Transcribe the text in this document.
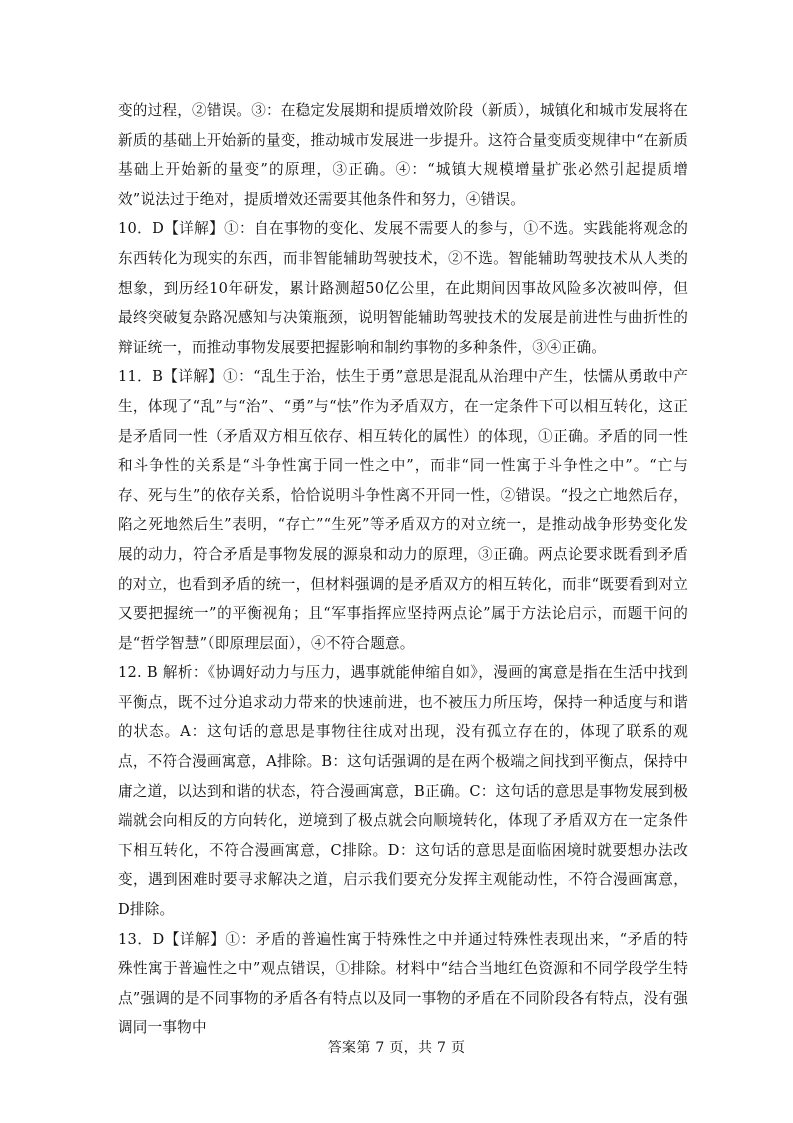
变的过程，②错误。③：在稳定发展期和提质增效阶段（新质），城镇化和城市发展将在新质的基础上开始新的量变，推动城市发展进一步提升。这符合量变质变规律中“在新质基础上开始新的量变”的原理，③正确。④：“城镇大规模增量扩张必然引起提质增效”说法过于绝对，提质增效还需要其他条件和努力，④错误。

10．D【详解】①：自在事物的变化、发展不需要人的参与，①不选。实践能将观念的东西转化为现实的东西，而非智能辅助驾驶技术，②不选。智能辅助驾驶技术从人类的想象，到历经10年研发，累计路测超50亿公里，在此期间因事故风险多次被叫停，但最终突破复杂路况感知与决策瓶颈，说明智能辅助驾驶技术的发展是前进性与曲折性的辩证统一，而推动事物发展要把握影响和制约事物的多种条件，③④正确。

11．B【详解】①：“乱生于治，怯生于勇”意思是混乱从治理中产生，怯懦从勇敢中产生，体现了“乱”与“治”、“勇”与“怯”作为矛盾双方，在一定条件下可以相互转化，这正是矛盾同一性（矛盾双方相互依存、相互转化的属性）的体现，①正确。矛盾的同一性和斗争性的关系是“斗争性寓于同一性之中”，而非“同一性寓于斗争性之中”。“亡与存、死与生”的依存关系，恰恰说明斗争性离不开同一性，②错误。“投之亡地然后存，陷之死地然后生”表明，“存亡”“生死”等矛盾双方的对立统一，是推动战争形势变化发展的动力，符合矛盾是事物发展的源泉和动力的原理，③正确。两点论要求既看到矛盾的对立，也看到矛盾的统一，但材料强调的是矛盾双方的相互转化，而非“既要看到对立又要把握统一”的平衡视角；且“军事指挥应坚持两点论”属于方法论启示，而题干问的是“哲学智慧”（即原理层面），④不符合题意。

12. B 解析：《协调好动力与压力，遇事就能伸缩自如》，漫画的寓意是指在生活中找到平衡点，既不过分追求动力带来的快速前进，也不被压力所压垮，保持一种适度与和谐的状态。A：这句话的意思是事物往往成对出现，没有孤立存在的，体现了联系的观点，不符合漫画寓意，A排除。B：这句话强调的是在两个极端之间找到平衡点，保持中庸之道，以达到和谐的状态，符合漫画寓意，B正确。C：这句话的意思是事物发展到极端就会向相反的方向转化，逆境到了极点就会向顺境转化，体现了矛盾双方在一定条件下相互转化，不符合漫画寓意，C排除。D：这句话的意思是面临困境时就要想办法改变，遇到困难时要寻求解决之道，启示我们要充分发挥主观能动性，不符合漫画寓意，D排除。

13．D【详解】①：矛盾的普遍性寓于特殊性之中并通过特殊性表现出来，“矛盾的特殊性寓于普遍性之中”观点错误，①排除。材料中“结合当地红色资源和不同学段学生特点”强调的是不同事物的矛盾各有特点以及同一事物的矛盾在不同阶段各有特点，没有强调同一事物中

答案第 7 页，共 7 页
